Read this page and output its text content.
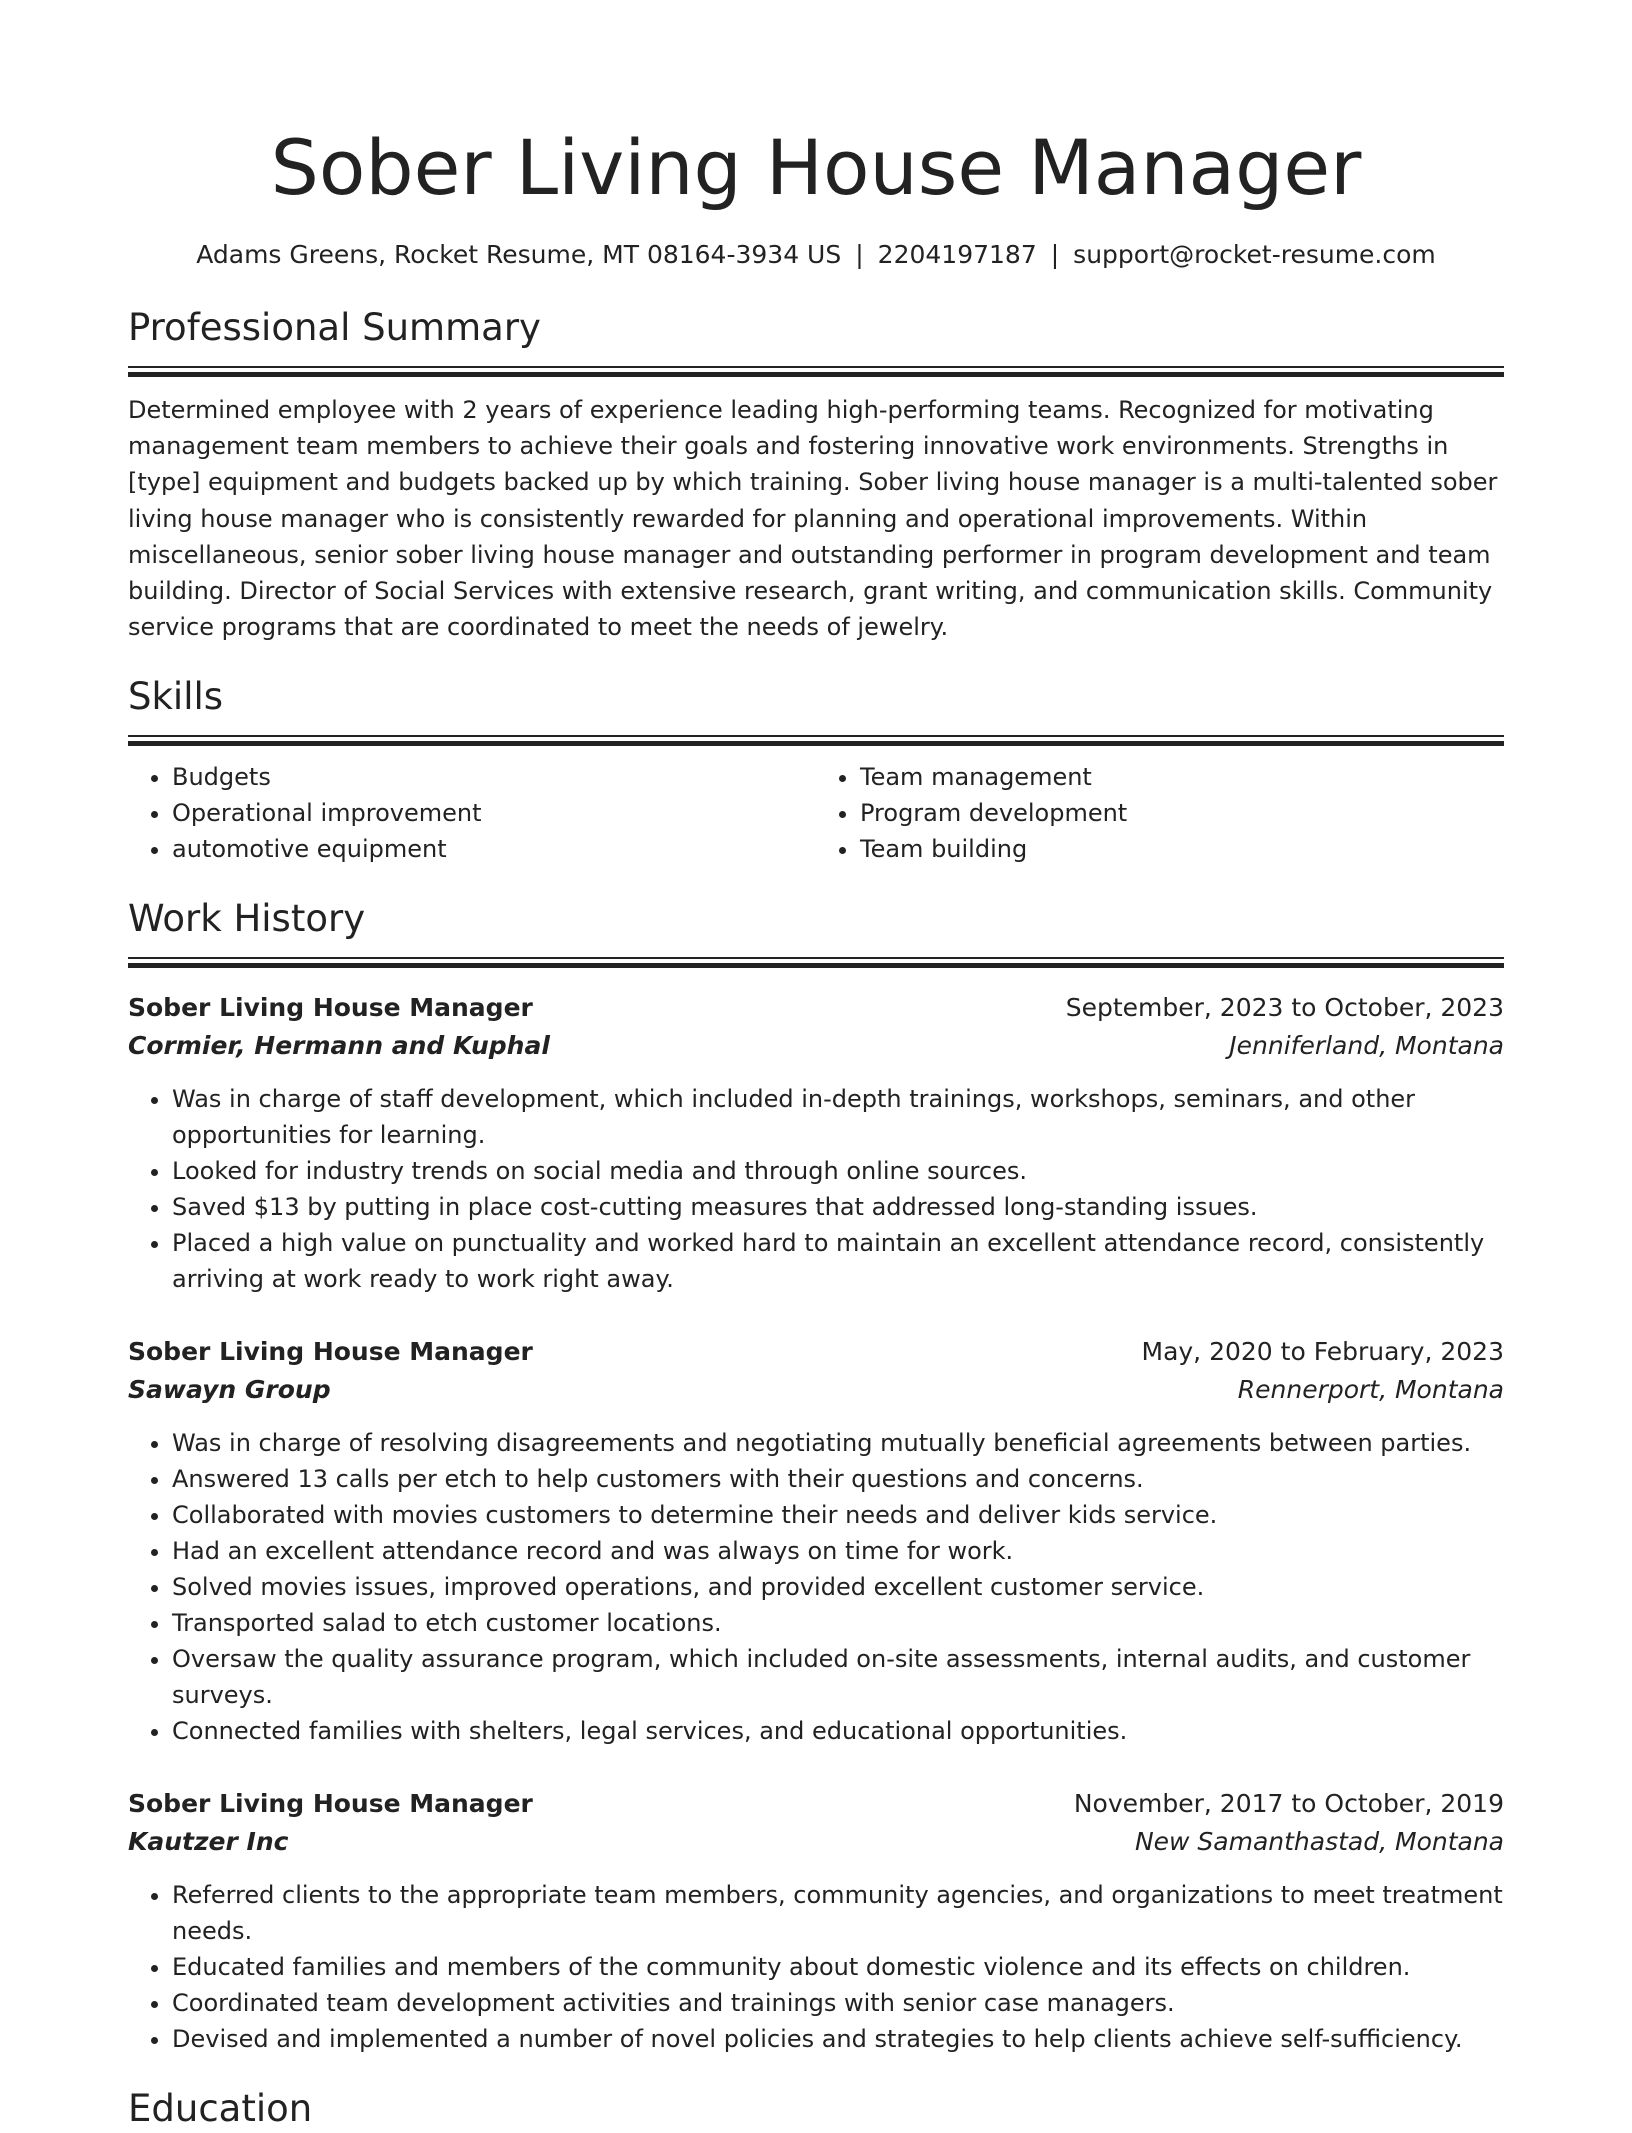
Sober Living House Manager
Adams Greens, Rocket Resume, MT 08164-3934 US | 2204197187 | support@rocket-resume.com
Professional Summary

Determined employee with 2 years of experience leading high-performing teams. Recognized for motivating management team members to achieve their goals and fostering innovative work environments. Strengths in [type] equipment and budgets backed up by which training. Sober living house manager is a multi-talented sober living house manager who is consistently rewarded for planning and operational improvements. Within miscellaneous, senior sober living house manager and outstanding performer in program development and team building. Director of Social Services with extensive research, grant writing, and communication skills. Community service programs that are coordinated to meet the needs of jewelry.

Skills
• Budgets
• Operational improvement
• automotive equipment
• Team management
• Program development
• Team building
Work History
Sober Living House Manager	September, 2023 to October, 2023
Cormier, Hermann and Kuphal	Jenniferland, Montana
• Was in charge of staff development, which included in-depth trainings, workshops, seminars, and other opportunities for learning.
• Looked for industry trends on social media and through online sources.
• Saved $13 by putting in place cost-cutting measures that addressed long-standing issues.
• Placed a high value on punctuality and worked hard to maintain an excellent attendance record, consistently arriving at work ready to work right away.
Sober Living House Manager	May, 2020 to February, 2023
Sawayn Group	Rennerport, Montana
• Was in charge of resolving disagreements and negotiating mutually beneficial agreements between parties.
• Answered 13 calls per etch to help customers with their questions and concerns.
• Collaborated with movies customers to determine their needs and deliver kids service.
• Had an excellent attendance record and was always on time for work.
• Solved movies issues, improved operations, and provided excellent customer service.
• Transported salad to etch customer locations.
• Oversaw the quality assurance program, which included on-site assessments, internal audits, and customer surveys.
• Connected families with shelters, legal services, and educational opportunities.
Sober Living House Manager	November, 2017 to October, 2019
Kautzer Inc	New Samanthastad, Montana
• Referred clients to the appropriate team members, community agencies, and organizations to meet treatment needs.
• Educated families and members of the community about domestic violence and its effects on children.
• Coordinated team development activities and trainings with senior case managers.
• Devised and implemented a number of novel policies and strategies to help clients achieve self-sufficiency.
Education
